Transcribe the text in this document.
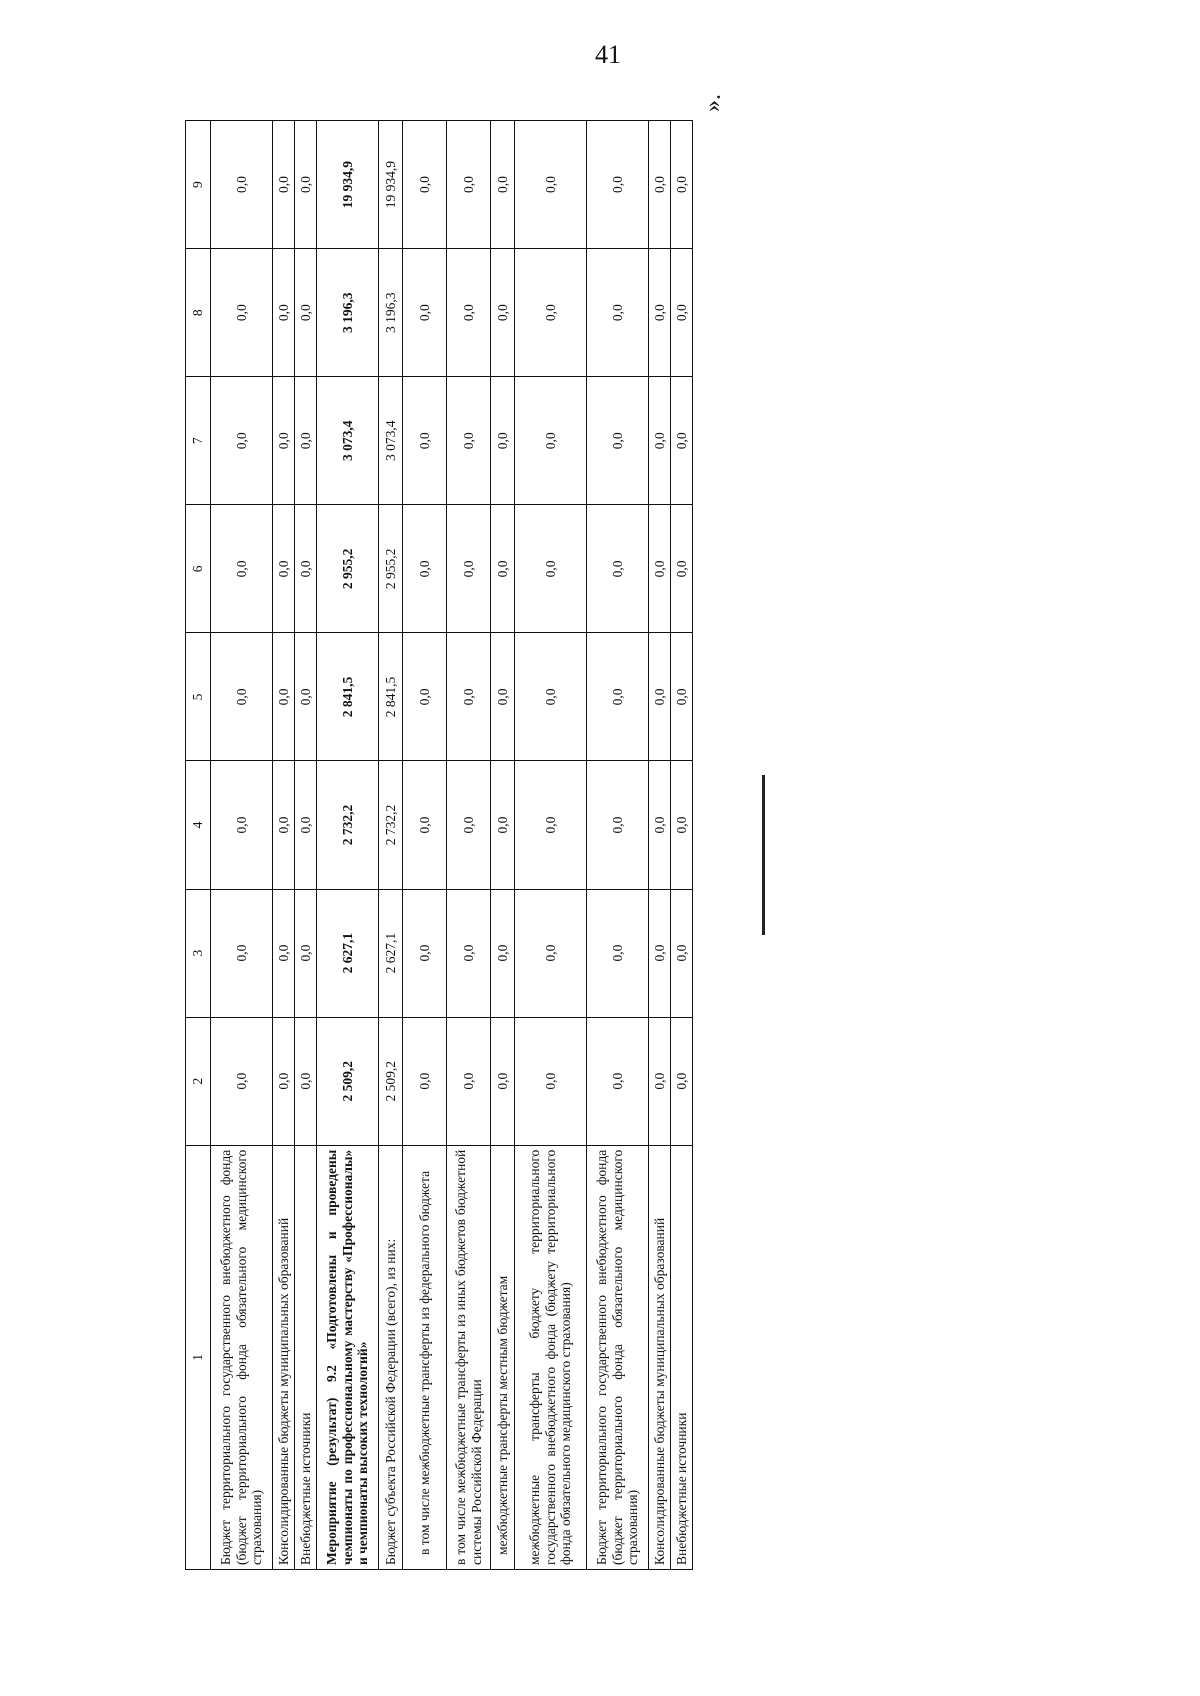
41
».
1	2	3	4	5	6	7	8	9
Бюджет территориального государственного внебюджетного фонда (бюджет территориального фонда обязательного медицинского страхования)	0,0	0,0	0,0	0,0	0,0	0,0	0,0	0,0
Консолидированные бюджеты муниципальных образований	0,0	0,0	0,0	0,0	0,0	0,0	0,0	0,0
Внебюджетные источники	0,0	0,0	0,0	0,0	0,0	0,0	0,0	0,0
Мероприятие (результат) 9.2 «Подготовлены и проведены чемпионаты по профессиональному мастерству «Профессионалы» и чемпионаты высоких технологий»	2 509,2	2 627,1	2 732,2	2 841,5	2 955,2	3 073,4	3 196,3	19 934,9
Бюджет субъекта Российской Федерации (всего), из них:	2 509,2	2 627,1	2 732,2	2 841,5	2 955,2	3 073,4	3 196,3	19 934,9
в том числе межбюджетные трансферты из федерального бюджета	0,0	0,0	0,0	0,0	0,0	0,0	0,0	0,0
в том числе межбюджетные трансферты из иных бюджетов бюджетной системы Российской Федерации	0,0	0,0	0,0	0,0	0,0	0,0	0,0	0,0
межбюджетные трансферты местным бюджетам	0,0	0,0	0,0	0,0	0,0	0,0	0,0	0,0
межбюджетные трансферты бюджету территориального государственного внебюджетного фонда (бюджету территориального фонда обязательного медицинского страхования)	0,0	0,0	0,0	0,0	0,0	0,0	0,0	0,0
Бюджет территориального государственного внебюджетного фонда (бюджет территориального фонда обязательного медицинского страхования)	0,0	0,0	0,0	0,0	0,0	0,0	0,0	0,0
Консолидированные бюджеты муниципальных образований	0,0	0,0	0,0	0,0	0,0	0,0	0,0	0,0
Внебюджетные источники	0,0	0,0	0,0	0,0	0,0	0,0	0,0	0,0
